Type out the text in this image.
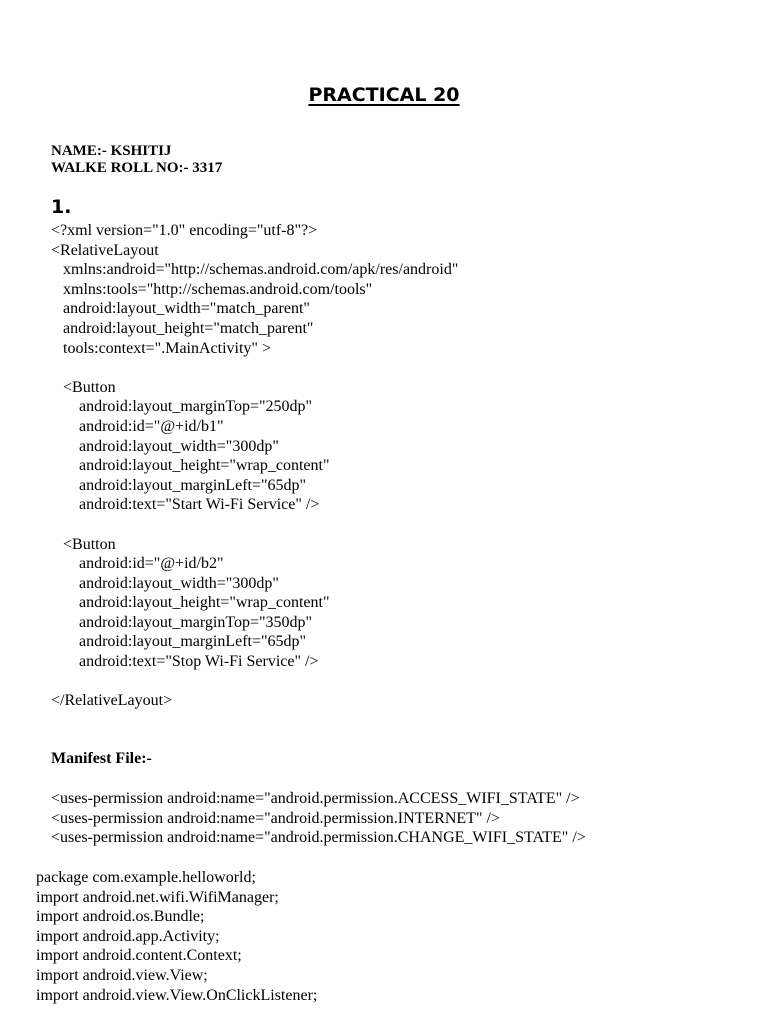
PRACTICAL 20
NAME:- KSHITIJ
WALKE ROLL NO:- 3317
1.
<?xml version="1.0" encoding="utf-8"?>
<RelativeLayout
xmlns:android="http://schemas.android.com/apk/res/android"
xmlns:tools="http://schemas.android.com/tools"
android:layout_width="match_parent"
android:layout_height="match_parent"
tools:context=".MainActivity" >

<Button
android:layout_marginTop="250dp"
android:id="@+id/b1"
android:layout_width="300dp"
android:layout_height="wrap_content"
android:layout_marginLeft="65dp"
android:text="Start Wi-Fi Service" />

<Button
android:id="@+id/b2"
android:layout_width="300dp"
android:layout_height="wrap_content"
android:layout_marginTop="350dp"
android:layout_marginLeft="65dp"
android:text="Stop Wi-Fi Service" />

</RelativeLayout>
Manifest File:-
<uses-permission android:name="android.permission.ACCESS_WIFI_STATE" />
<uses-permission android:name="android.permission.INTERNET" />
<uses-permission android:name="android.permission.CHANGE_WIFI_STATE" />
package com.example.helloworld;
import android.net.wifi.WifiManager;
import android.os.Bundle;
import android.app.Activity;
import android.content.Context;
import android.view.View;
import android.view.View.OnClickListener;
